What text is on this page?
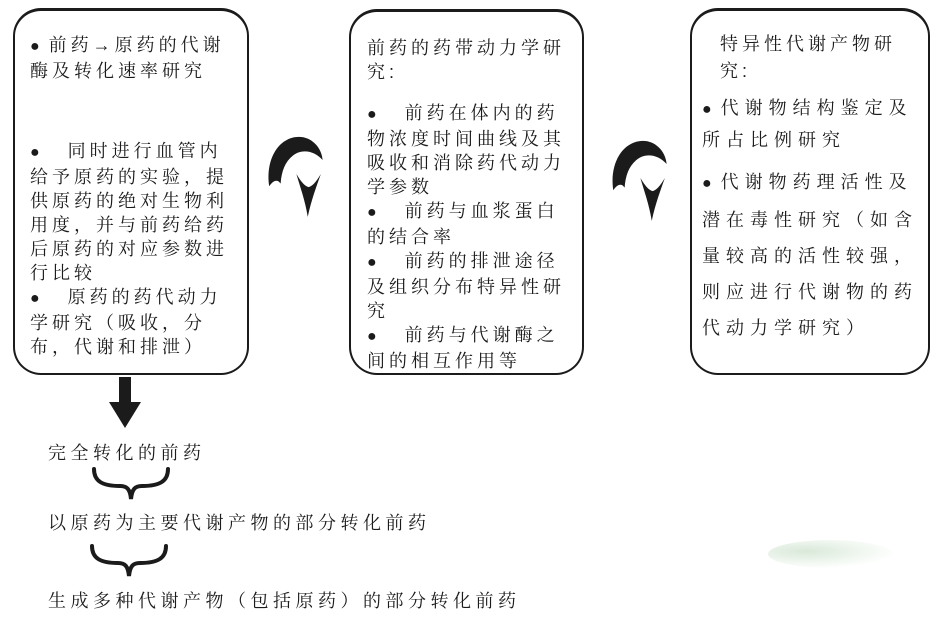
● 前药→原药的代谢酶及转化速率研究

● 同时进行血管内给予原药的实验，提供原药的绝对生物利用度，并与前药给药后原药的对应参数进行比较

● 原药的药代动力学研究（吸收，分布，代谢和排泄）

前药的药带动力学研究:

● 前药在体内的药物浓度时间曲线及其吸收和消除药代动力学参数

● 前药与血浆蛋白的结合率

● 前药的排泄途径及组织分布特异性研究

● 前药与代谢酶之间的相互作用等

特异性代谢产物研究:

● 代谢物结构鉴定及所占比例研究

● 代谢物药理活性及潜在毒性研究（如含量较高的活性较强，则应进行代谢物的药代动力学研究）

完全转化的前药
以原药为主要代谢产物的部分转化前药
生成多种代谢产物（包括原药）的部分转化前药
